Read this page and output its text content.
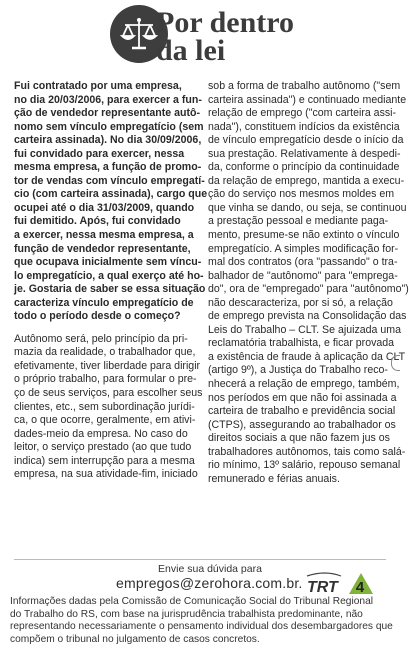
Por dentro
da lei
Fui contratado por uma empresa,
no dia 20/03/2006, para exercer a fun-
ção de vendedor representante autô-
nomo sem vínculo empregatício (sem
carteira assinada). No dia 30/09/2006,
fui convidado para exercer, nessa
mesma empresa, a função de promo-
tor de vendas com vínculo empregatí-
cio (com carteira assinada), cargo que
ocupei até o dia 31/03/2009, quando
fui demitido. Após, fui convidado
a exercer, nessa mesma empresa, a
função de vendedor representante,
que ocupava inicialmente sem víncu-
lo empregatício, a qual exerço até ho-
je. Gostaria de saber se essa situação
caracteriza vínculo empregatício de
todo o período desde o começo?
Autônomo será, pelo princípio da pri-
mazia da realidade, o trabalhador que,
efetivamente, tiver liberdade para dirigir
o próprio trabalho, para formular o pre-
ço de seus serviços, para escolher seus
clientes, etc., sem subordinação jurídi-
ca, o que ocorre, geralmente, em ativi-
dades-meio da empresa. No caso do
leitor, o serviço prestado (ao que tudo
indica) sem interrupção para a mesma
empresa, na sua atividade-fim, iniciado
sob a forma de trabalho autônomo ("sem
carteira assinada") e continuado mediante
relação de emprego ("com carteira assi-
nada"), constituem indícios da existência
de vínculo empregatício desde o início da
sua prestação. Relativamente à despedi-
da, conforme o princípio da continuidade
da relação de emprego, mantida a execu-
ção do serviço nos mesmos moldes em
que vinha se dando, ou seja, se continuou
a prestação pessoal e mediante paga-
mento, presume-se não extinto o vínculo
empregatício. A simples modificação for-
mal dos contratos (ora "passando" o tra-
balhador de "autônomo" para "emprega-
do", ora de "empregado" para "autônomo")
não descaracteriza, por si só, a relação
de emprego prevista na Consolidação das
Leis do Trabalho – CLT. Se ajuizada uma
reclamatória trabalhista, e ficar provada
a existência de fraude à aplicação da CLT
(artigo 9º), a Justiça do Trabalho reco-
nhecerá a relação de emprego, também,
nos períodos em que não foi assinada a
carteira de trabalho e previdência social
(CTPS), assegurando ao trabalhador os
direitos sociais a que não fazem jus os
trabalhadores autônomos, tais como salá-
rio mínimo, 13º salário, repouso semanal
remunerado e férias anuais.
Envie sua dúvida para
empregos@zerohora.com.br. TRT 4
Informações dadas pela Comissão de Comunicação Social do Tribunal Regional
do Trabalho do RS, com base na jurisprudência trabalhista predominante, não
representando necessariamente o pensamento individual dos desembargadores que
compõem o tribunal no julgamento de casos concretos.
